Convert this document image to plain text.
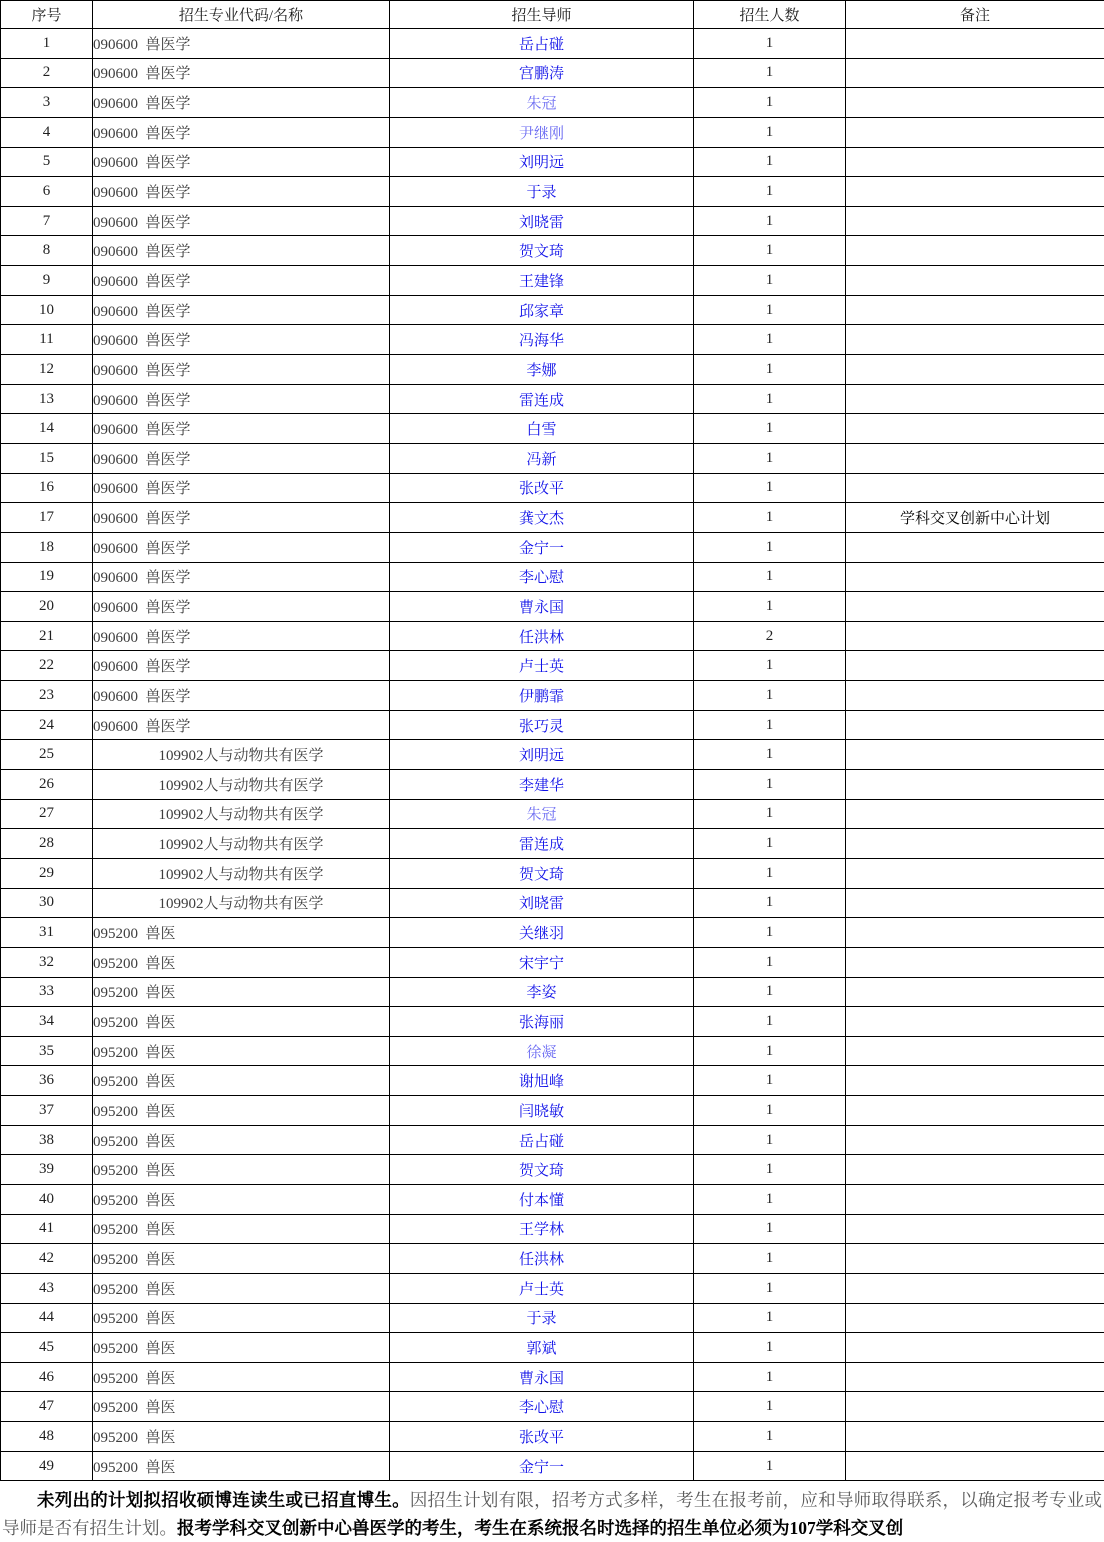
序号	招生专业代码/名称	招生导师	招生人数	备注
1	090600  兽医学	岳占碰	1	
2	090600  兽医学	宫鹏涛	1	
3	090600  兽医学	朱冠	1	
4	090600  兽医学	尹继刚	1	
5	090600  兽医学	刘明远	1	
6	090600  兽医学	于录	1	
7	090600  兽医学	刘晓雷	1	
8	090600  兽医学	贺文琦	1	
9	090600  兽医学	王建锋	1	
10	090600  兽医学	邱家章	1	
11	090600  兽医学	冯海华	1	
12	090600  兽医学	李娜	1	
13	090600  兽医学	雷连成	1	
14	090600  兽医学	白雪	1	
15	090600  兽医学	冯新	1	
16	090600  兽医学	张改平	1	
17	090600  兽医学	龚文杰	1	学科交叉创新中心计划
18	090600  兽医学	金宁一	1	
19	090600  兽医学	李心慰	1	
20	090600  兽医学	曹永国	1	
21	090600  兽医学	任洪林	2	
22	090600  兽医学	卢士英	1	
23	090600  兽医学	伊鹏霏	1	
24	090600  兽医学	张巧灵	1	
25	109902人与动物共有医学	刘明远	1	
26	109902人与动物共有医学	李建华	1	
27	109902人与动物共有医学	朱冠	1	
28	109902人与动物共有医学	雷连成	1	
29	109902人与动物共有医学	贺文琦	1	
30	109902人与动物共有医学	刘晓雷	1	
31	095200  兽医	关继羽	1	
32	095200  兽医	宋宇宁	1	
33	095200  兽医	李姿	1	
34	095200  兽医	张海丽	1	
35	095200  兽医	徐凝	1	
36	095200  兽医	谢旭峰	1	
37	095200  兽医	闫晓敏	1	
38	095200  兽医	岳占碰	1	
39	095200  兽医	贺文琦	1	
40	095200  兽医	付本懂	1	
41	095200  兽医	王学林	1	
42	095200  兽医	任洪林	1	
43	095200  兽医	卢士英	1	
44	095200  兽医	于录	1	
45	095200  兽医	郭斌	1	
46	095200  兽医	曹永国	1	
47	095200  兽医	李心慰	1	
48	095200  兽医	张改平	1	
49	095200  兽医	金宁一	1	

未列出的计划拟招收硕博连读生或已招直博生。因招生计划有限，招考方式多样，考生在报考前，应和导师取得联系，以确定报考专业或导师是否有招生计划。报考学科交叉创新中心兽医学的考生，考生在系统报名时选择的招生单位必须为107学科交叉创
